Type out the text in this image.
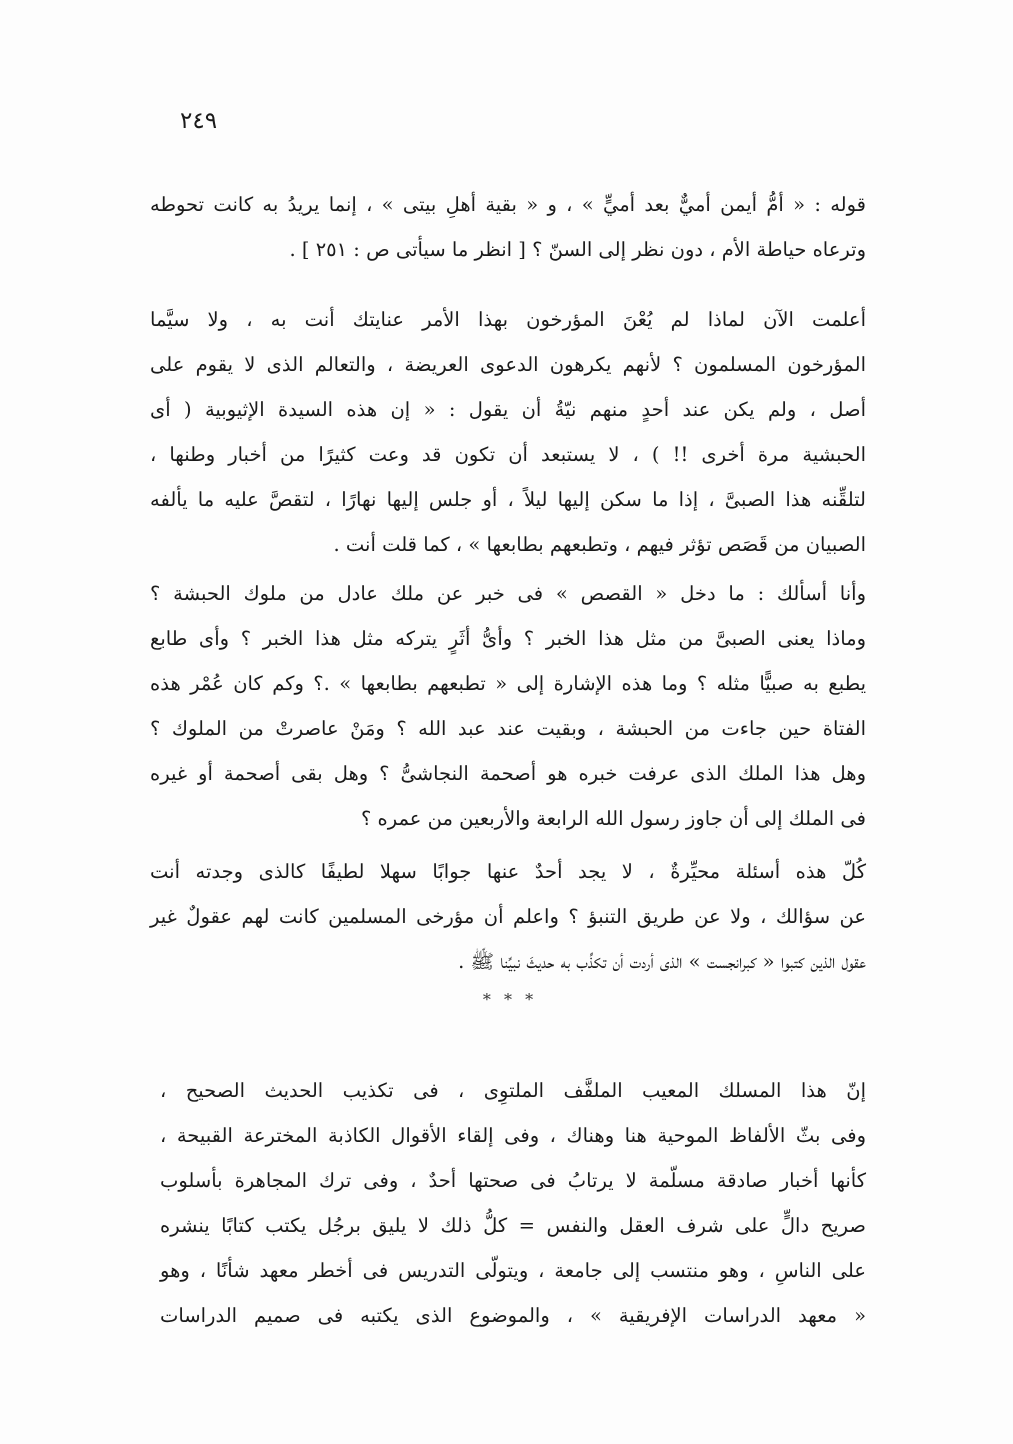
٢٤٩

قوله : « أمُّ أيمن أميٌّ بعد أميٍّ » ، و « بقية أهلِ بيتى » ، إنما يريدُ به كانت تحوطه
وترعاه حياطة الأم ، دون نظر إلى السنّ ؟ [ انظر ما سيأتى ص : ٢٥١ ] .

أعلمت الآن لماذا لم يُعْنَ المؤرخون بهذا الأمر عنايتك أنت به ، ولا سيَّما
المؤرخون المسلمون ؟ لأنهم يكرهون الدعوى العريضة ، والتعالم الذى لا يقوم على
أصل ، ولم يكن عند أحدٍ منهم نيّةُ أن يقول : « إن هذه السيدة الإثيوبية ( أى
الحبشية مرة أخرى !! ) ، لا يستبعد أن تكون قد وعت كثيرًا من أخبار وطنها ،
لتلقِّنه هذا الصبىَّ ، إذا ما سكن إليها ليلاً ، أو جلس إليها نهارًا ، لتقصَّ عليه ما يألفه
الصبيان من قَصَص تؤثر فيهم ، وتطبعهم بطابعها » ، كما قلت أنت .

وأنا أسألك : ما دخل « القصص » فى خبر عن ملك عادل من ملوك الحبشة ؟
وماذا يعنى الصبىَّ من مثل هذا الخبر ؟ وأىُّ أثَرٍ يتركه مثل هذا الخبر ؟ وأى طابع
يطبع به صبيًّا مثله ؟ وما هذه الإشارة إلى « تطبعهم بطابعها » .؟ وكم كان عُمْر هذه
الفتاة حين جاءت من الحبشة ، وبقيت عند عبد الله ؟ ومَنْ عاصرتْ من الملوك ؟
وهل هذا الملك الذى عرفت خبره هو أصحمة النجاشىُّ ؟ وهل بقى أصحمة أو غيره
فى الملك إلى أن جاوز رسول الله الرابعة والأربعين من عمره ؟

كُلّ هذه أسئلة محيِّرةٌ ، لا يجد أحدٌ عنها جوابًا سهلا لطيفًا كالذى وجدته أنت
عن سؤالك ، ولا عن طريق التنبؤ ؟ واعلم أن مؤرخى المسلمين كانت لهم عقولٌ غير
عقول الذين كتبوا « كبرانجست » الذى أردت أن تكذِّب به حديثَ نبيِّنا ﷺ .

* * *

إنّ هذا المسلك المعيب الملفَّف الملتوِى ، فى تكذيب الحديث الصحيح ،
وفى بثّ الألفاظ الموحية هنا وهناك ، وفى إلقاء الأقوال الكاذبة المخترعة القبيحة ،
كأنها أخبار صادقة مسلّمة لا يرتابُ فى صحتها أحدٌ ، وفى ترك المجاهرة بأسلوب
صريح دالٍّ على شرف العقل والنفس = كلُّ ذلك لا يليق برجُل يكتب كتابًا ينشره
على الناسِ ، وهو منتسب إلى جامعة ، ويتولّى التدريس فى أخطر معهد شأنًا ، وهو
« معهد الدراسات الإفريقية » ، والموضوع الذى يكتبه فى صميم الدراسات
